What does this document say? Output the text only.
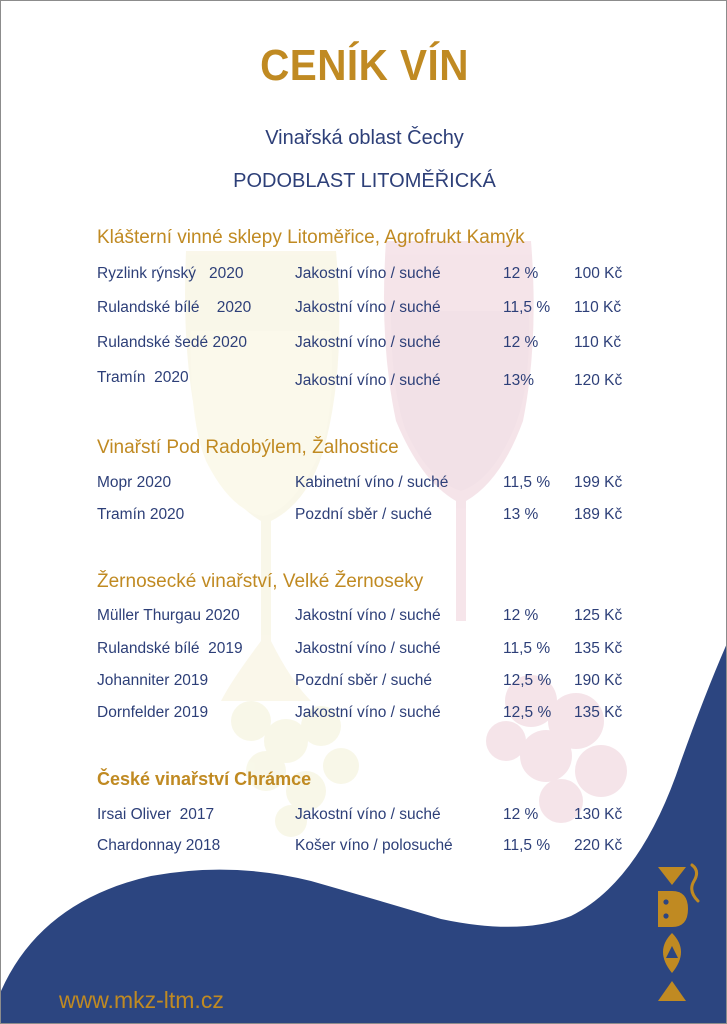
CENÍK VÍN
Vinařská oblast Čechy
PODOBLAST LITOMĚŘICKÁ
Klášterní vinné sklepy Litoměřice, Agrofrukt Kamýk
Ryzlink rýnský   2020	Jakostní víno / suché	12 % 100 Kč
Rulandské bílé    2020	Jakostní víno / suché	11,5 % 110 Kč
Rulandské šedé 2020	Jakostní víno / suché	12 % 110 Kč
Tramín  2020	Jakostní víno / suché	13%	120 Kč
Vinařstí Pod Radobýlem, Žalhostice
Mopr 2020	Kabinetní víno / suché	11,5 % 199 Kč
Tramín 2020	Pozdní sběr / suché	13 % 189 Kč
Žernosecké vinařství, Velké Žernoseky
Müller Thurgau 2020	Jakostní víno / suché	12 % 125 Kč
Rulandské bílé  2019	Jakostní víno / suché	11,5 % 135 Kč
Johanniter 2019	Pozdní sběr / suché	12,5 % 190 Kč
Dornfelder 2019	Jakostní víno / suché	12,5 % 135 Kč
České vinařství Chrámce
Irsai Oliver  2017	Jakostní víno / suché	12 % 130 Kč
Chardonnay 2018	Košer víno / polosuché	11,5 % 220 Kč
www.mkz-ltm.cz
